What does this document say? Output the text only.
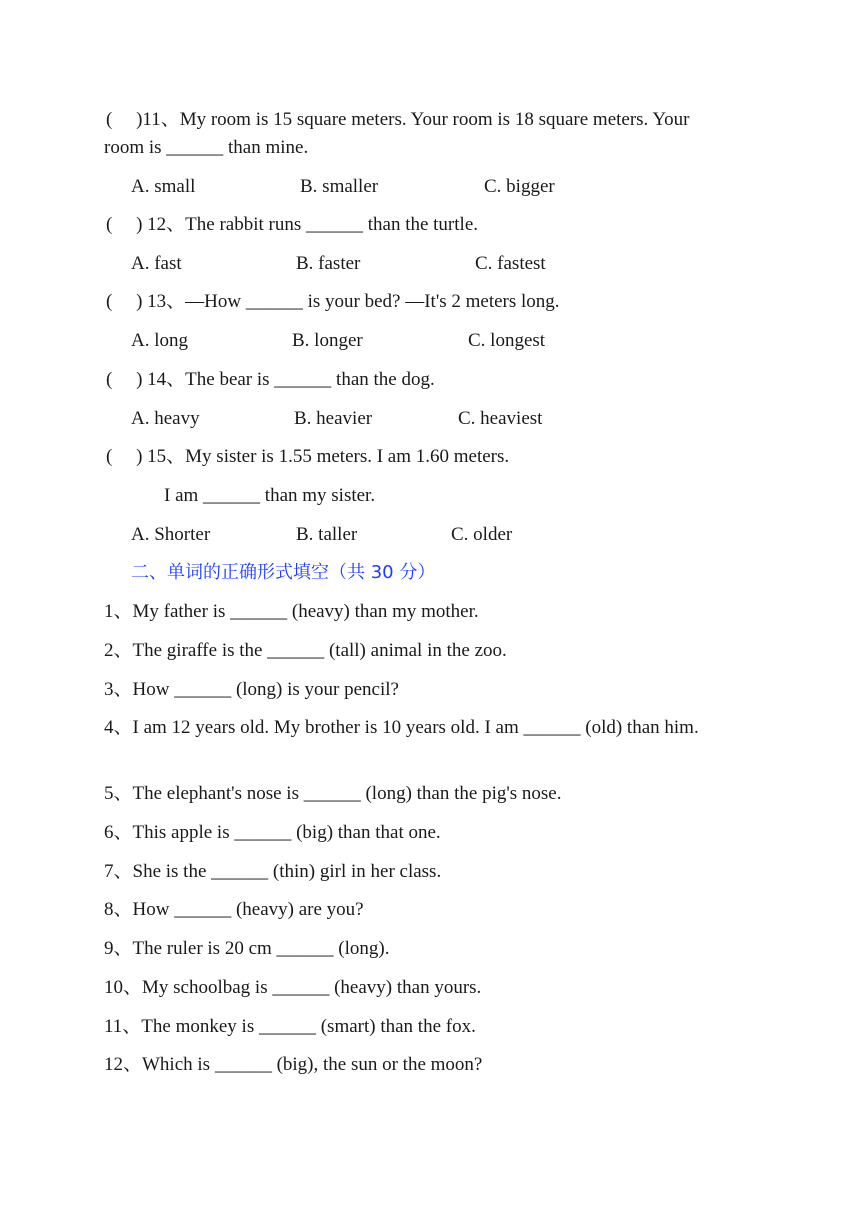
(     )11、My room is 15 square meters. Your room is 18 square meters. Your
room is ______ than mine.
A. small	B. smaller	C. bigger
(     ) 12、The rabbit runs ______ than the turtle.
A. fast	B. faster	C. fastest
(     ) 13、—How ______ is your bed? —It's 2 meters long.
A. long	B. longer	C. longest
(     ) 14、The bear is ______ than the dog.
A. heavy	B. heavier	C. heaviest
(     ) 15、My sister is 1.55 meters. I am 1.60 meters.
I am ______ than my sister.
A. Shorter	B. taller	C. older
二、单词的正确形式填空（共 30 分）
1、My father is ______ (heavy) than my mother.
2、The giraffe is the ______ (tall) animal in the zoo.
3、How ______ (long) is your pencil?
4、I am 12 years old. My brother is 10 years old. I am ______ (old) than him.
5、The elephant's nose is ______ (long) than the pig's nose.
6、This apple is ______ (big) than that one.
7、She is the ______ (thin) girl in her class.
8、How ______ (heavy) are you?
9、The ruler is 20 cm ______ (long).
10、My schoolbag is ______ (heavy) than yours.
11、The monkey is ______ (smart) than the fox.
12、Which is ______ (big), the sun or the moon?
